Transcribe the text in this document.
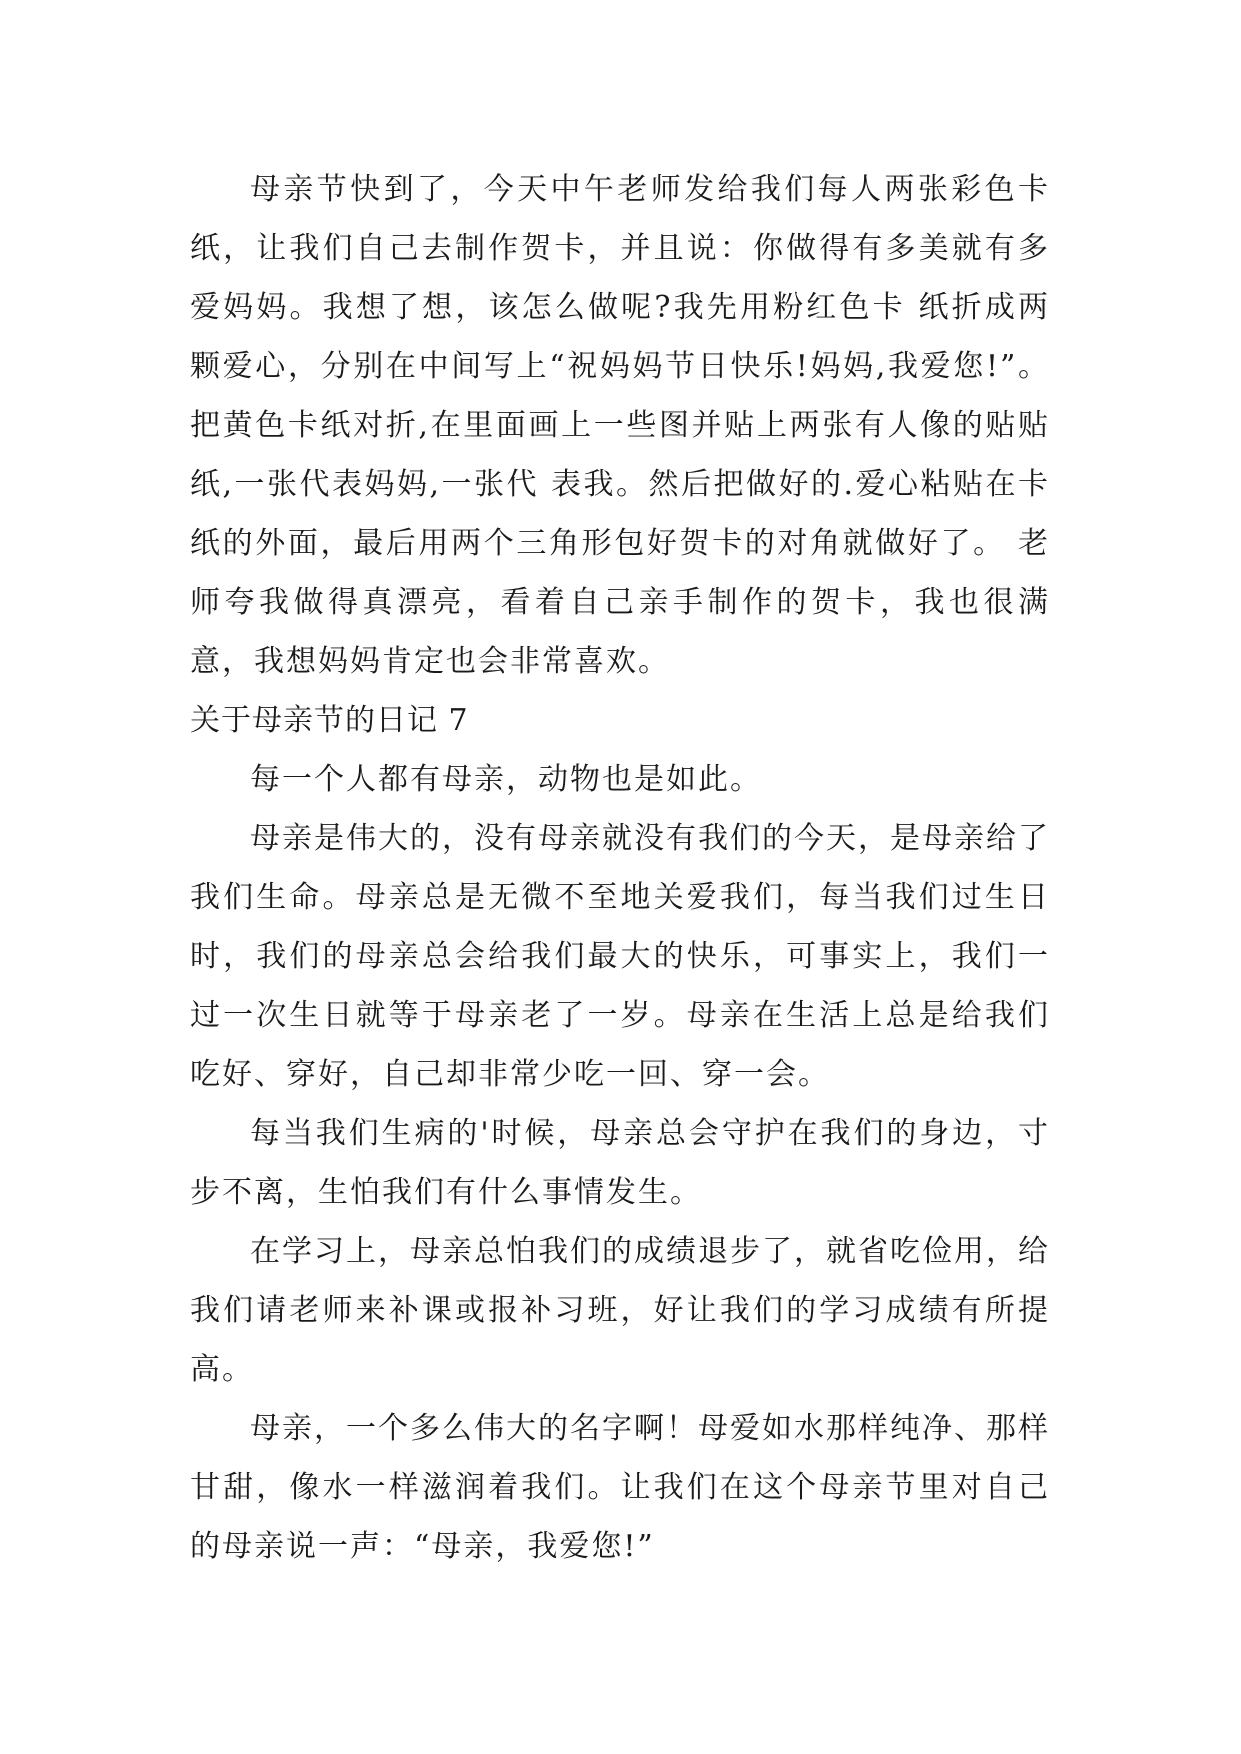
母亲节快到了，今天中午老师发给我们每人两张彩色卡纸，让我们自己去制作贺卡，并且说：你做得有多美就有多爱妈妈。我想了想，该怎么做呢?我先用粉红色卡 纸折成两颗爱心，分别在中间写上“祝妈妈节日快乐!妈妈,我爱您!”。把黄色卡纸对折,在里面画上一些图并贴上两张有人像的贴贴纸,一张代表妈妈,一张代 表我。然后把做好的.爱心粘贴在卡纸的外面，最后用两个三角形包好贺卡的对角就做好了。 老师夸我做得真漂亮，看着自己亲手制作的贺卡，我也很满意，我想妈妈肯定也会非常喜欢。

关于母亲节的日记 7

每一个人都有母亲，动物也是如此。

母亲是伟大的，没有母亲就没有我们的今天，是母亲给了我们生命。母亲总是无微不至地关爱我们，每当我们过生日时，我们的母亲总会给我们最大的快乐，可事实上，我们一过一次生日就等于母亲老了一岁。母亲在生活上总是给我们吃好、穿好，自己却非常少吃一回、穿一会。

每当我们生病的'时候，母亲总会守护在我们的身边，寸步不离，生怕我们有什么事情发生。

在学习上，母亲总怕我们的成绩退步了，就省吃俭用，给我们请老师来补课或报补习班，好让我们的学习成绩有所提高。

母亲，一个多么伟大的名字啊！母爱如水那样纯净、那样甘甜，像水一样滋润着我们。让我们在这个母亲节里对自己的母亲说一声：“母亲，我爱您!”
